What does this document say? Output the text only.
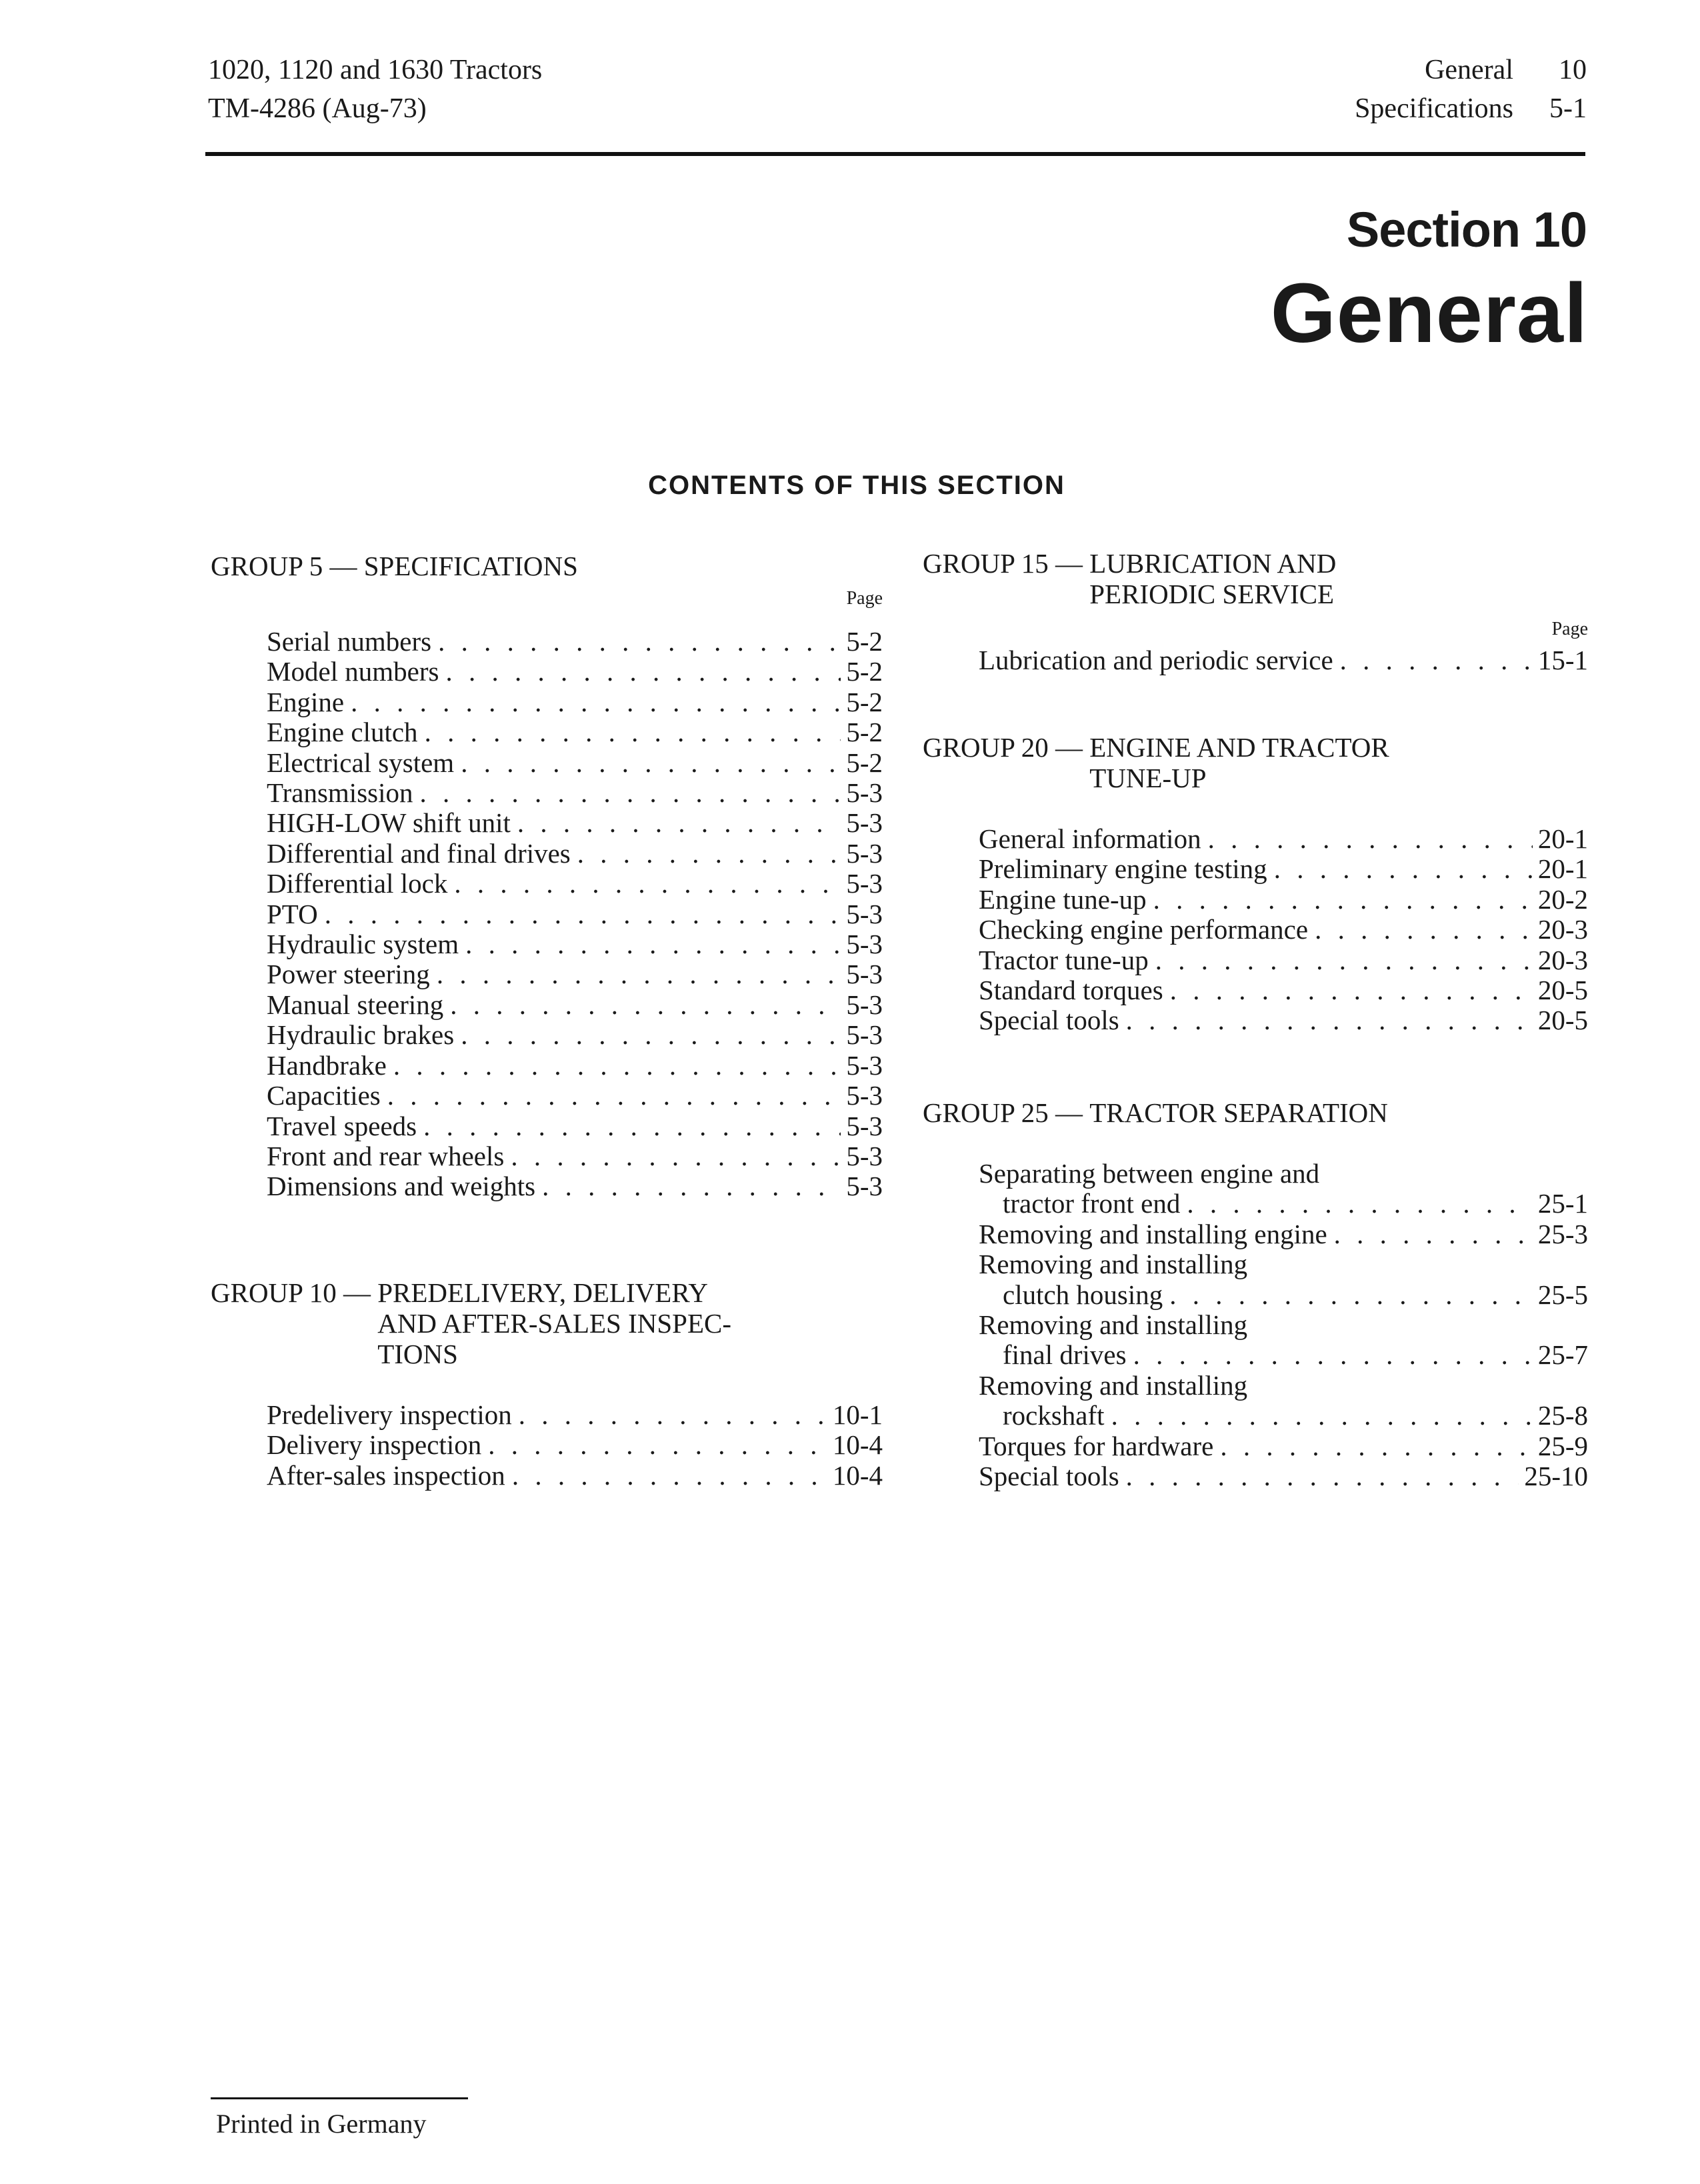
1020, 1120 and 1630 Tractors
TM-4286 (Aug-73)
General	10
Specifications	5-1
Section 10
General
CONTENTS OF THIS SECTION
GROUP 5 —
SPECIFICATIONS
Page
Serial numbers . . .	5-2
Model numbers . . .	5-2
Engine . . .	5-2
Engine clutch . . .	5-2
Electrical system . . .	5-2
Transmission . . .	5-3
HIGH-LOW shift unit . . .	5-3
Differential and final drives . . .	5-3
Differential lock . . .	5-3
PTO . . .	5-3
Hydraulic system . . .	5-3
Power steering . . .	5-3
Manual steering . . .	5-3
Hydraulic brakes . . .	5-3
Handbrake . . .	5-3
Capacities . . .	5-3
Travel speeds . . .	5-3
Front and rear wheels . . .	5-3
Dimensions and weights . . .	5-3
GROUP 10 —
PREDELIVERY, DELIVERY
AND AFTER-SALES INSPEC-
TIONS
Predelivery inspection . . .	10-1
Delivery inspection . . .	10-4
After-sales inspection . . .	10-4
GROUP 15 —
LUBRICATION AND
PERIODIC SERVICE
Page
Lubrication and periodic service . . .	15-1
GROUP 20 —
ENGINE AND TRACTOR
TUNE-UP
General information . . .	20-1
Preliminary engine testing . . .	20-1
Engine tune-up . . .	20-2
Checking engine performance . . .	20-3
Tractor tune-up . . .	20-3
Standard torques . . .	20-5
Special tools . . .	20-5
GROUP 25 —
TRACTOR SEPARATION
Separating between engine and
tractor front end . . .	25-1
Removing and installing engine . . .	25-3
Removing and installing
clutch housing . . .	25-5
Removing and installing
final drives . . .	25-7
Removing and installing
rockshaft . . .	25-8
Torques for hardware . . .	25-9
Special tools . . .	25-10
Printed in Germany
